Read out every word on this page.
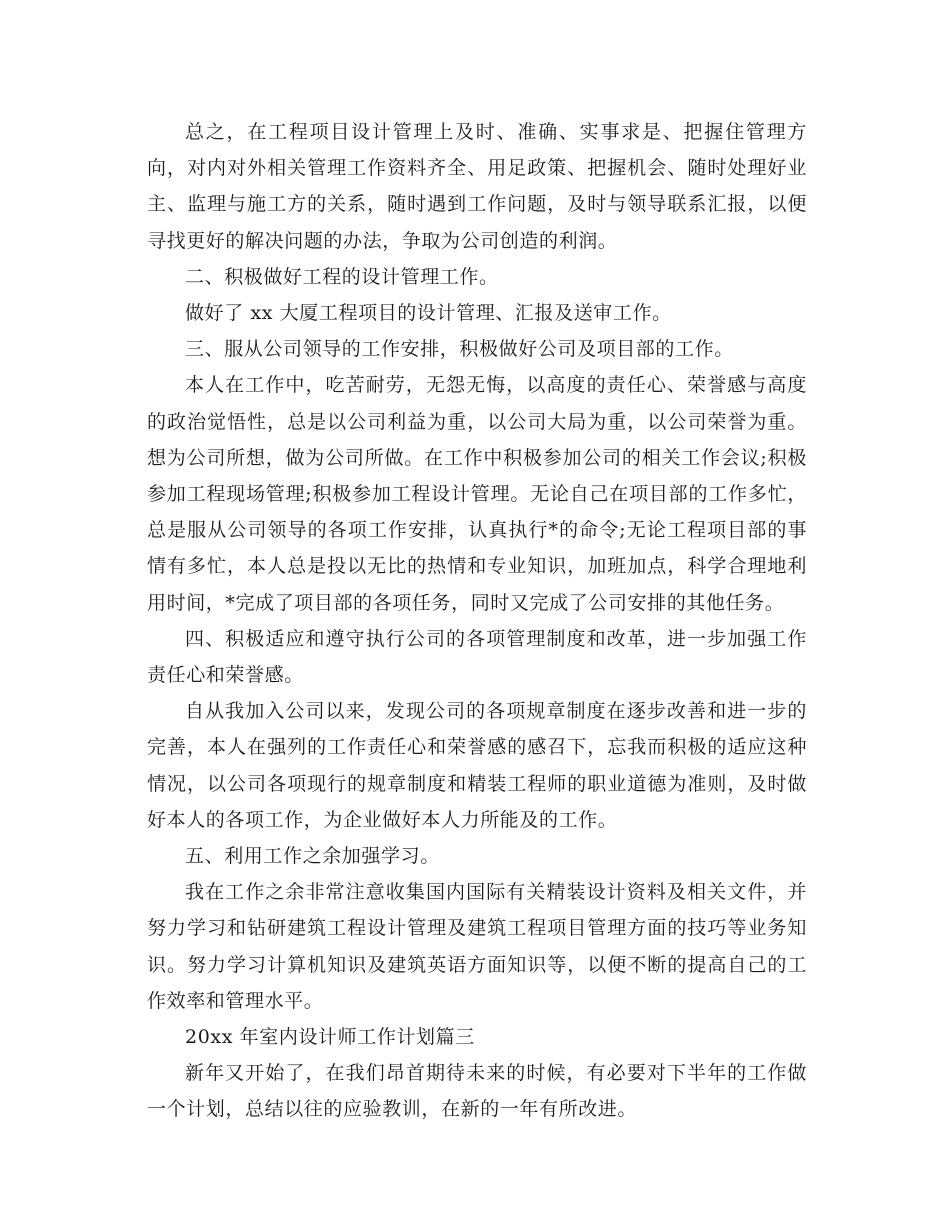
总之，在工程项目设计管理上及时、准确、实事求是、把握住管理方向，对内对外相关管理工作资料齐全、用足政策、把握机会、随时处理好业主、监理与施工方的关系，随时遇到工作问题，及时与领导联系汇报，以便寻找更好的解决问题的办法，争取为公司创造的利润。

二、积极做好工程的设计管理工作。

做好了 xx 大厦工程项目的设计管理、汇报及送审工作。

三、服从公司领导的工作安排，积极做好公司及项目部的工作。

本人在工作中，吃苦耐劳，无怨无悔，以高度的责任心、荣誉感与高度的政治觉悟性，总是以公司利益为重，以公司大局为重，以公司荣誉为重。想为公司所想，做为公司所做。在工作中积极参加公司的相关工作会议;积极参加工程现场管理;积极参加工程设计管理。无论自己在项目部的工作多忙，总是服从公司领导的各项工作安排，认真执行*的命令;无论工程项目部的事情有多忙，本人总是投以无比的热情和专业知识，加班加点，科学合理地利用时间，*完成了项目部的各项任务，同时又完成了公司安排的其他任务。

四、积极适应和遵守执行公司的各项管理制度和改革，进一步加强工作责任心和荣誉感。

自从我加入公司以来，发现公司的各项规章制度在逐步改善和进一步的完善，本人在强列的工作责任心和荣誉感的感召下，忘我而积极的适应这种情况，以公司各项现行的规章制度和精装工程师的职业道德为准则，及时做好本人的各项工作，为企业做好本人力所能及的工作。

五、利用工作之余加强学习。

我在工作之余非常注意收集国内国际有关精装设计资料及相关文件，并努力学习和钻研建筑工程设计管理及建筑工程项目管理方面的技巧等业务知识。努力学习计算机知识及建筑英语方面知识等，以便不断的提高自己的工作效率和管理水平。

20xx 年室内设计师工作计划篇三

新年又开始了，在我们昂首期待未来的时候，有必要对下半年的工作做一个计划，总结以往的应验教训，在新的一年有所改进。
